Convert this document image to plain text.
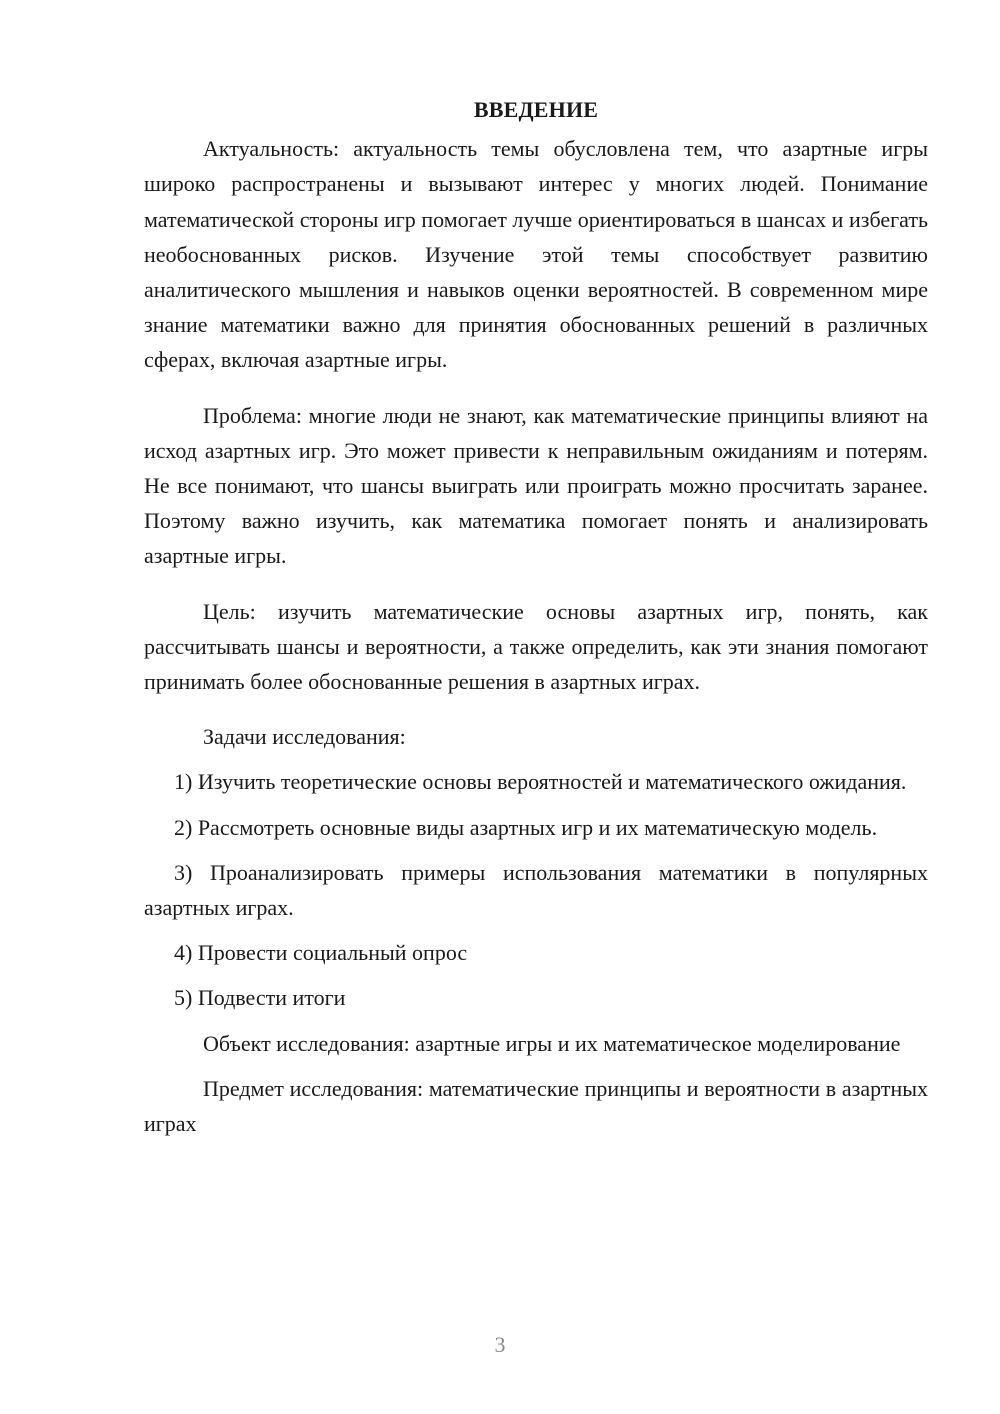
ВВЕДЕНИЕ

Актуальность: актуальность темы обусловлена тем, что азартные игры широко распространены и вызывают интерес у многих людей. Понимание математической стороны игр помогает лучше ориентироваться в шансах и избегать необоснованных рисков. Изучение этой темы способствует развитию аналитического мышления и навыков оценки вероятностей. В современном мире знание математики важно для принятия обоснованных решений в различных сферах, включая азартные игры.

Проблема: многие люди не знают, как математические принципы влияют на исход азартных игр. Это может привести к неправильным ожиданиям и потерям. Не все понимают, что шансы выиграть или проиграть можно просчитать заранее. Поэтому важно изучить, как математика помогает понять и анализировать азартные игры.

Цель: изучить математические основы азартных игр, понять, как рассчитывать шансы и вероятности, а также определить, как эти знания помогают принимать более обоснованные решения в азартных играх.

Задачи исследования:

1) Изучить теоретические основы вероятностей и математического ожидания.

2) Рассмотреть основные виды азартных игр и их математическую модель.

3) Проанализировать примеры использования математики в популярных азартных играх.

4) Провести социальный опрос

5) Подвести итоги

Объект исследования: азартные игры и их математическое моделирование

Предмет исследования: математические принципы и вероятности в азартных играх

3
